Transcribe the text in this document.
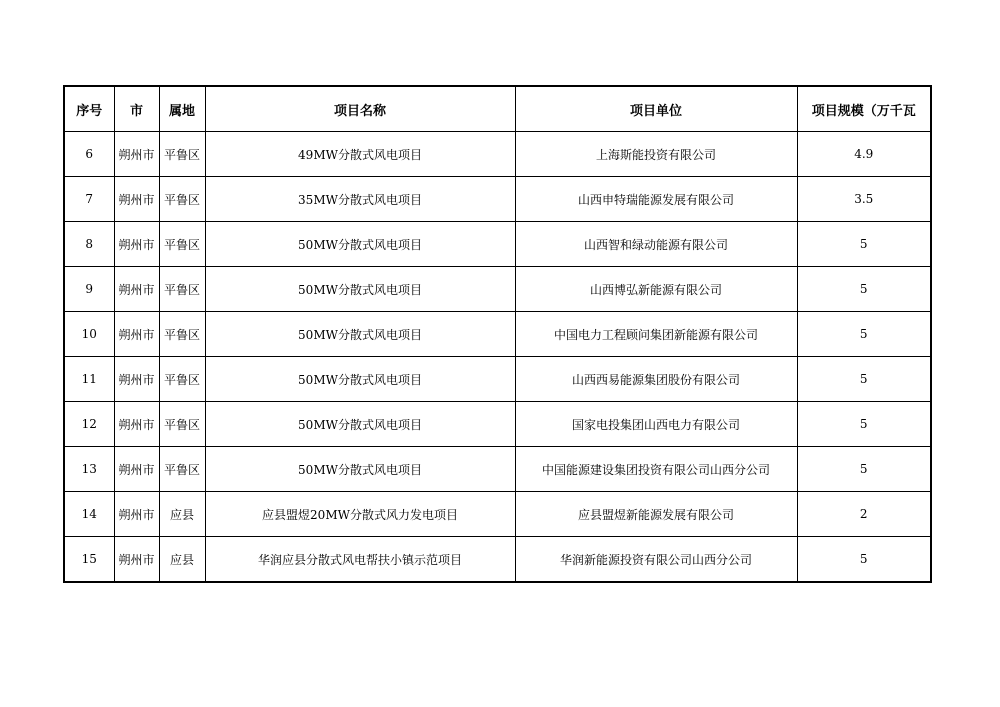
序号	市	属地	项目名称	项目单位	项目规模（万千瓦
6	朔州市	平鲁区	49MW分散式风电项目	上海斯能投资有限公司	4.9
7	朔州市	平鲁区	35MW分散式风电项目	山西申特瑞能源发展有限公司	3.5
8	朔州市	平鲁区	50MW分散式风电项目	山西智和绿动能源有限公司	5
9	朔州市	平鲁区	50MW分散式风电项目	山西博弘新能源有限公司	5
10	朔州市	平鲁区	50MW分散式风电项目	中国电力工程顾问集团新能源有限公司	5
11	朔州市	平鲁区	50MW分散式风电项目	山西西易能源集团股份有限公司	5
12	朔州市	平鲁区	50MW分散式风电项目	国家电投集团山西电力有限公司	5
13	朔州市	平鲁区	50MW分散式风电项目	中国能源建设集团投资有限公司山西分公司	5
14	朔州市	应县	应县盟煜20MW分散式风力发电项目	应县盟煜新能源发展有限公司	2
15	朔州市	应县	华润应县分散式风电帮扶小镇示范项目	华润新能源投资有限公司山西分公司	5
